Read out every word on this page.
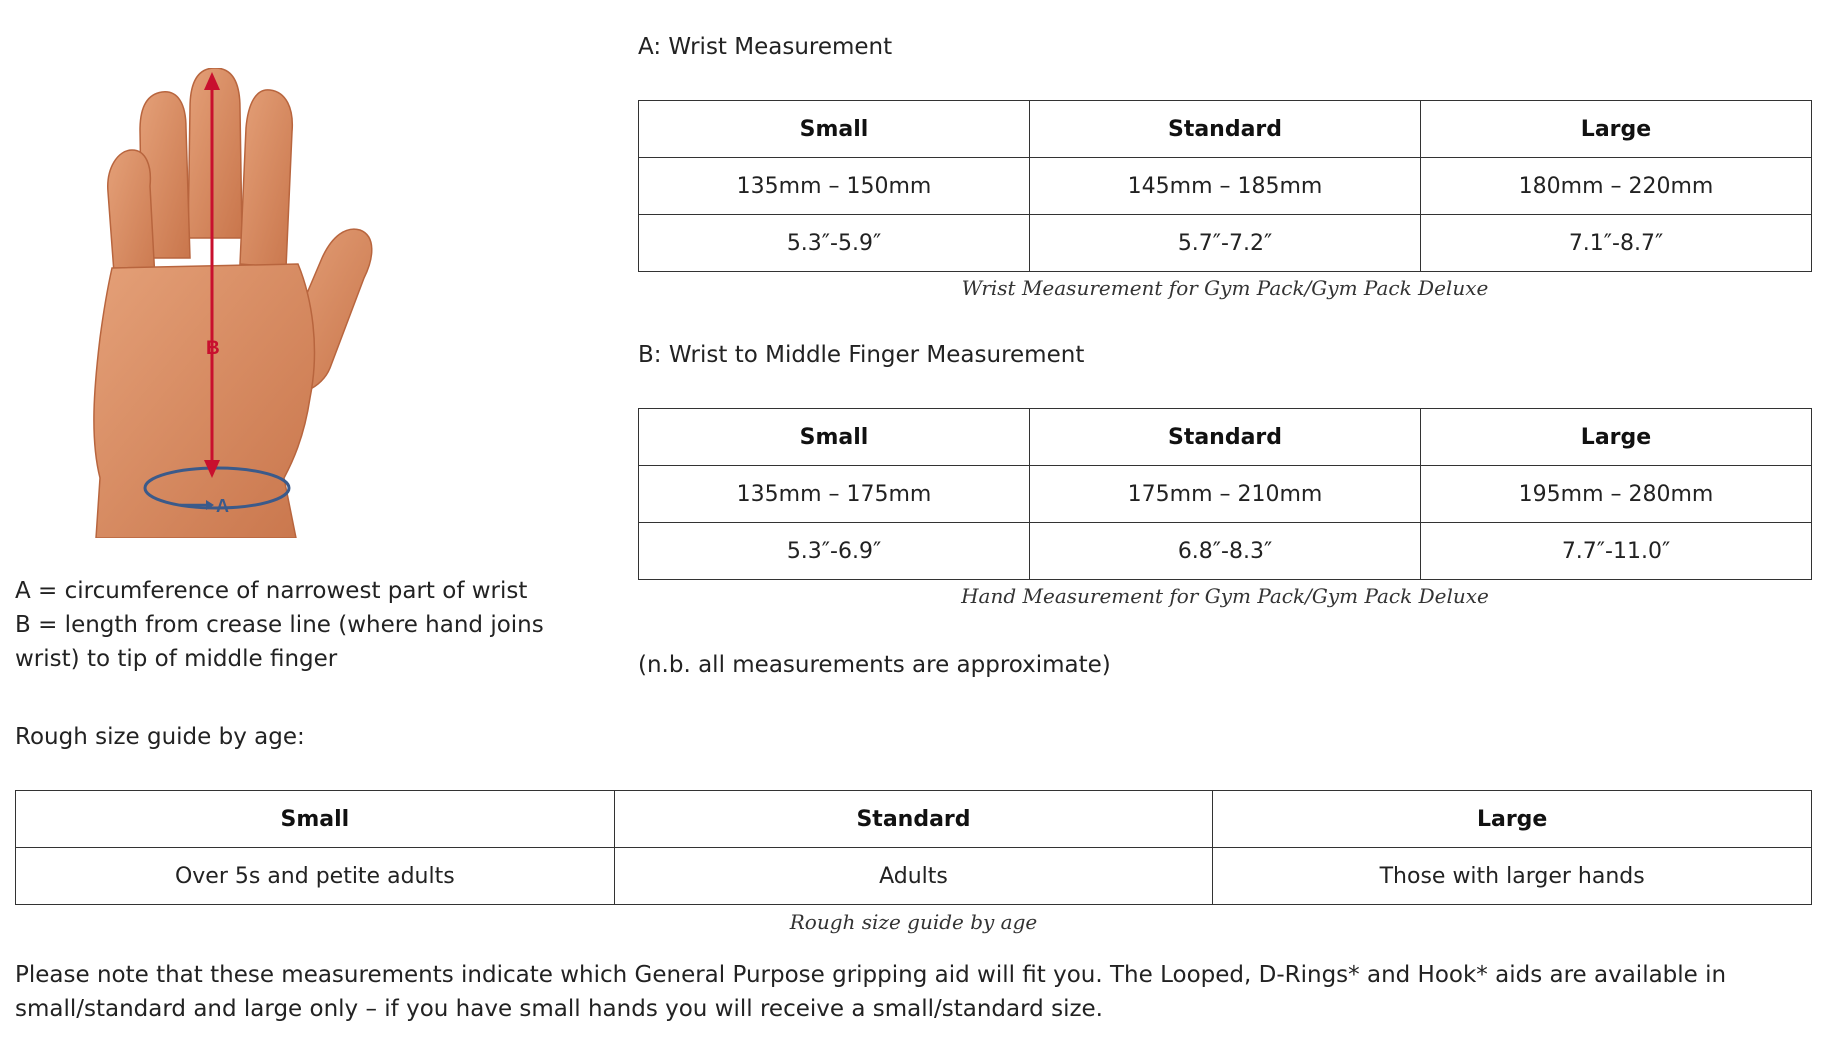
A
B

A = circumference of narrowest part of wrist

B = length from crease line (where hand joins wrist) to tip of middle finger

A: Wrist Measurement
Small	Standard	Large
135mm – 150mm	145mm – 185mm	180mm – 220mm
5.3″-5.9″	5.7″-7.2″	7.1″-8.7″
Wrist Measurement for Gym Pack/Gym Pack Deluxe
B: Wrist to Middle Finger Measurement
Small	Standard	Large
135mm – 175mm	175mm – 210mm	195mm – 280mm
5.3″-6.9″	6.8″-8.3″	7.7″-11.0″
Hand Measurement for Gym Pack/Gym Pack Deluxe

(n.b. all measurements are approximate)

Rough size guide by age:
Small	Standard	Large
Over 5s and petite adults	Adults	Those with larger hands
Rough size guide by age

Please note that these measurements indicate which General Purpose gripping aid will fit you. The Looped, D-Rings* and Hook* aids are available in small/standard and large only – if you have small hands you will receive a small/standard size.
